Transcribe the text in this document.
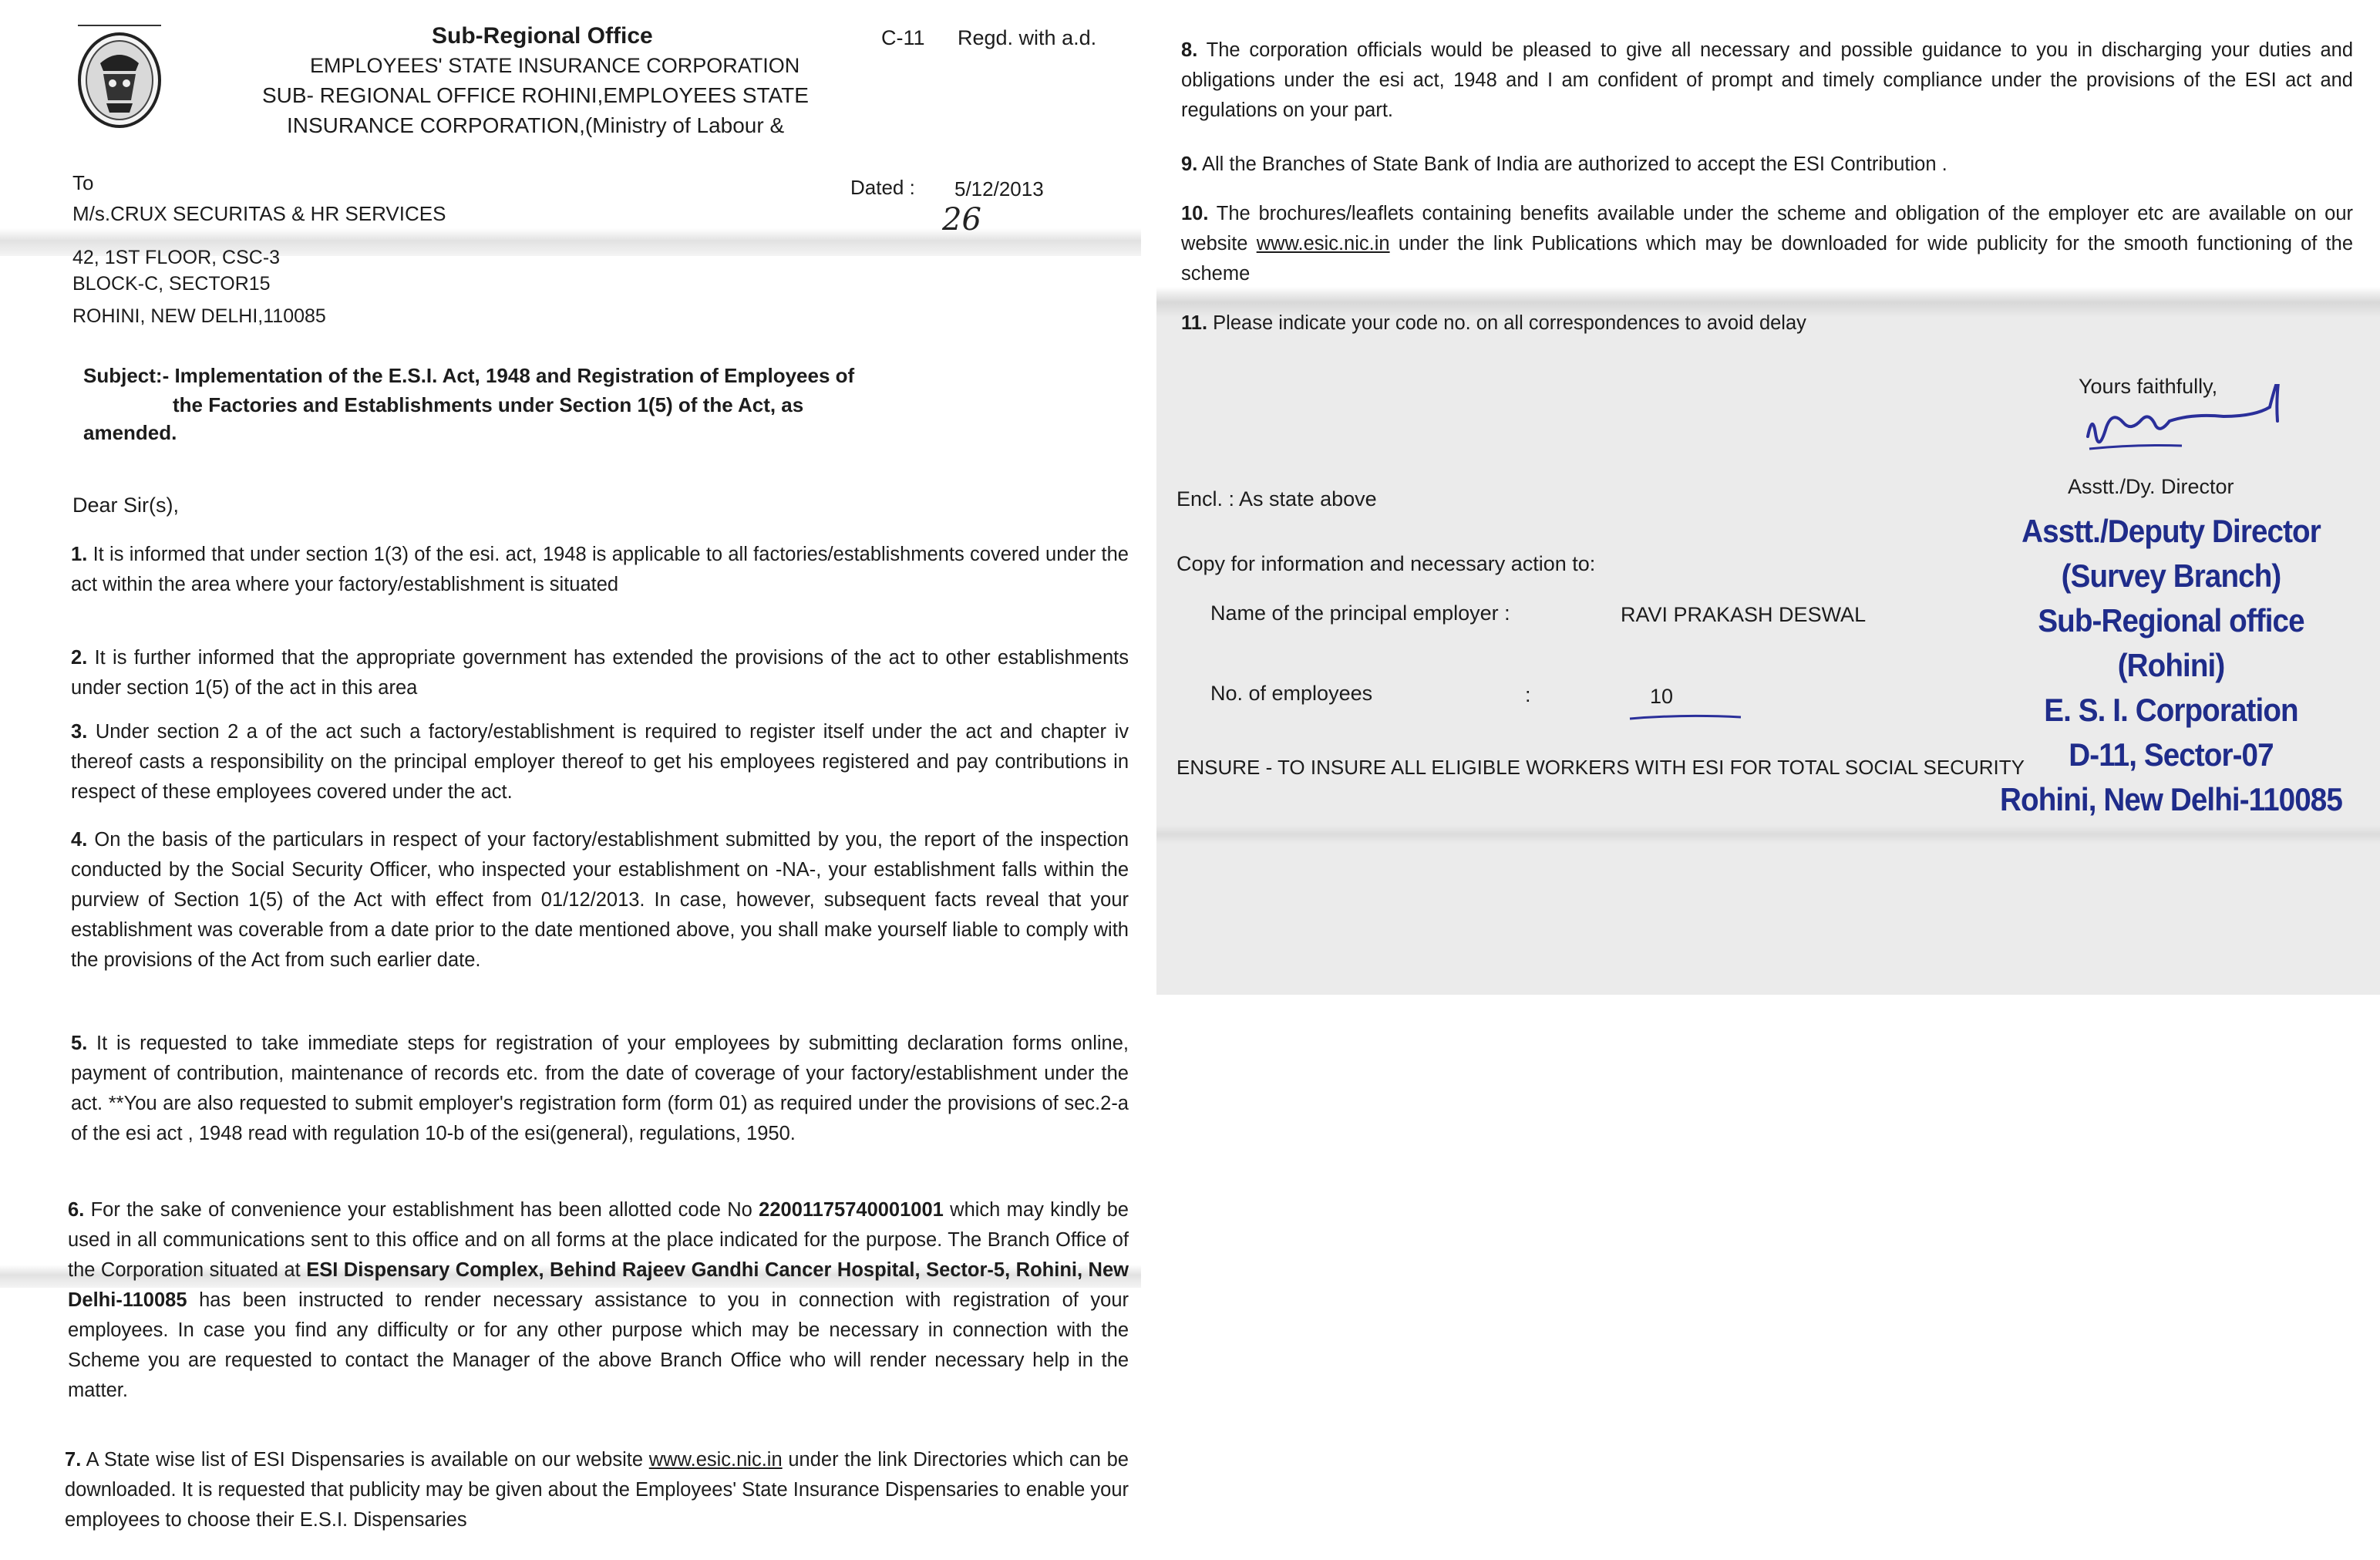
Sub-Regional Office	C-11 Regd. with a.d.
EMPLOYEES' STATE INSURANCE CORPORATION
SUB- REGIONAL OFFICE ROHINI,EMPLOYEES STATE
INSURANCE CORPORATION,(Ministry of Labour &
To
M/s.CRUX SECURITAS & HR SERVICES
42, 1ST FLOOR, CSC-3
BLOCK-C, SECTOR15
ROHINI, NEW DELHI,110085
Dated : 5/12/2013
26
Subject:- Implementation of the E.S.I. Act, 1948 and Registration of Employees of
the Factories and Establishments under Section 1(5) of the Act, as
amended.
Dear Sir(s),
1. It is informed that under section 1(3) of the esi. act, 1948 is applicable to all factories/establishments covered under the act within the area where your factory/establishment is situated
2. It is further informed that the appropriate government has extended the provisions of the act to other establishments under section 1(5) of the act in this area
3. Under section 2 a of the act such a factory/establishment is required to register itself under the act and chapter iv thereof casts a responsibility on the principal employer thereof to get his employees registered and pay contributions in respect of these employees covered under the act.
4. On the basis of the particulars in respect of your factory/establishment submitted by you, the report of the inspection conducted by the Social Security Officer, who inspected your establishment on -NA-, your establishment falls within the purview of Section 1(5) of the Act with effect from 01/12/2013. In case, however, subsequent facts reveal that your establishment was coverable from a date prior to the date mentioned above, you shall make yourself liable to comply with the provisions of the Act from such earlier date.
5. It is requested to take immediate steps for registration of your employees by submitting declaration forms online, payment of contribution, maintenance of records etc. from the date of coverage of your factory/establishment under the act. **You are also requested to submit employer's registration form (form 01) as required under the provisions of sec.2-a of the esi act , 1948 read with regulation 10-b of the esi(general), regulations, 1950.
6. For the sake of convenience your establishment has been allotted code No 22001175740001001 which may kindly be used in all communications sent to this office and on all forms at the place indicated for the purpose. The Branch Office of the Corporation situated at ESI Dispensary Complex, Behind Rajeev Gandhi Cancer Hospital, Sector-5, Rohini, New Delhi-110085 has been instructed to render necessary assistance to you in connection with registration of your employees. In case you find any difficulty or for any other purpose which may be necessary in connection with the Scheme you are requested to contact the Manager of the above Branch Office who will render necessary help in the matter.
7. A State wise list of ESI Dispensaries is available on our website www.esic.nic.in under the link Directories which can be downloaded. It is requested that publicity may be given about the Employees' State Insurance Dispensaries to enable your employees to choose their E.S.I. Dispensaries
8. The corporation officials would be pleased to give all necessary and possible guidance to you in discharging your duties and obligations under the esi act, 1948 and I am confident of prompt and timely compliance under the provisions of the ESI act and regulations on your part.
9. All the Branches of State Bank of India are authorized to accept the ESI Contribution .
10. The brochures/leaflets containing benefits available under the scheme and obligation of the employer etc are available on our website www.esic.nic.in under the link Publications which may be downloaded for wide publicity for the smooth functioning of the scheme
11. Please indicate your code no. on all correspondences to avoid delay
Yours faithfully,
Asstt./Dy. Director
Encl. : As state above
Copy for information and necessary action to:
Name of the principal employer :	RAVI PRAKASH DESWAL
No. of employees	:	10
ENSURE - TO INSURE ALL ELIGIBLE WORKERS WITH ESI FOR TOTAL SOCIAL SECURITY
Asstt./Deputy Director
(Survey Branch)
Sub-Regional office (Rohini)
E. S. I. Corporation
D-11, Sector-07
Rohini, New Delhi-110085
